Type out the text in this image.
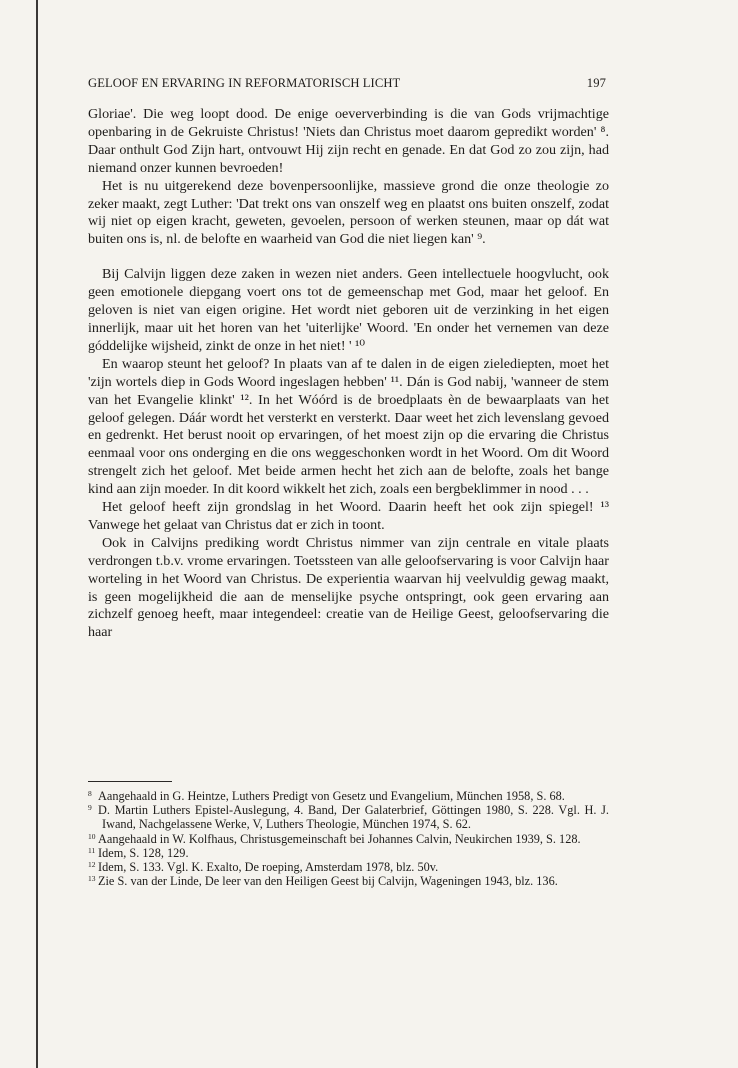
GELOOF EN ERVARING IN REFORMATORISCH LICHT	197

Gloriae'. Die weg loopt dood. De enige oeververbinding is die van Gods vrijmachtige openbaring in de Gekruiste Christus! 'Niets dan Christus moet daarom gepredikt worden' ⁸. Daar onthult God Zijn hart, ontvouwt Hij zijn recht en genade. En dat God zo zou zijn, had niemand onzer kunnen bevroeden!

Het is nu uitgerekend deze bovenpersoonlijke, massieve grond die onze theologie zo zeker maakt, zegt Luther: 'Dat trekt ons van onszelf weg en plaatst ons buiten onszelf, zodat wij niet op eigen kracht, geweten, gevoelen, persoon of werken steunen, maar op dát wat buiten ons is, nl. de belofte en waarheid van God die niet liegen kan' ⁹.

Bij Calvijn liggen deze zaken in wezen niet anders. Geen intellectuele hoogvlucht, ook geen emotionele diepgang voert ons tot de gemeenschap met God, maar het geloof. En geloven is niet van eigen origine. Het wordt niet geboren uit de verzinking in het eigen innerlijk, maar uit het horen van het 'uiterlijke' Woord. 'En onder het vernemen van deze góddelijke wijsheid, zinkt de onze in het niet! ' ¹⁰

En waarop steunt het geloof? In plaats van af te dalen in de eigen zielediepten, moet het 'zijn wortels diep in Gods Woord ingeslagen hebben' ¹¹. Dán is God nabij, 'wanneer de stem van het Evangelie klinkt' ¹². In het Wóórd is de broedplaats èn de bewaarplaats van het geloof gelegen. Dáár wordt het versterkt en versterkt. Daar weet het zich levenslang gevoed en gedrenkt. Het berust nooit op ervaringen, of het moest zijn op die ervaring die Christus eenmaal voor ons onderging en die ons weggeschonken wordt in het Woord. Om dit Woord strengelt zich het geloof. Met beide armen hecht het zich aan de belofte, zoals het bange kind aan zijn moeder. In dit koord wikkelt het zich, zoals een bergbeklimmer in nood . . .

Het geloof heeft zijn grondslag in het Woord. Daarin heeft het ook zijn spiegel! ¹³ Vanwege het gelaat van Christus dat er zich in toont.

Ook in Calvijns prediking wordt Christus nimmer van zijn centrale en vitale plaats verdrongen t.b.v. vrome ervaringen. Toetssteen van alle geloofservaring is voor Calvijn haar worteling in het Woord van Christus. De experientia waarvan hij veelvuldig gewag maakt, is geen mogelijkheid die aan de menselijke psyche ontspringt, ook geen ervaring aan zichzelf genoeg heeft, maar integendeel: creatie van de Heilige Geest, geloofservaring die haar

$^8$ Aangehaald in G. Heintze, Luthers Predigt von Gesetz und Evangelium, München 1958, S. 68.

$^9$ D. Martin Luthers Epistel-Auslegung, 4. Band, Der Galaterbrief, Göttingen 1980, S. 228. Vgl. H. J. Iwand, Nachgelassene Werke, V, Luthers Theologie, München 1974, S. 62.

$^{10}$ Aangehaald in W. Kolfhaus, Christusgemeinschaft bei Johannes Calvin, Neukirchen 1939, S. 128.

$^{11}$ Idem, S. 128, 129.

$^{12}$ Idem, S. 133. Vgl. K. Exalto, De roeping, Amsterdam 1978, blz. 50v.

$^{13}$ Zie S. van der Linde, De leer van den Heiligen Geest bij Calvijn, Wageningen 1943, blz. 136.
